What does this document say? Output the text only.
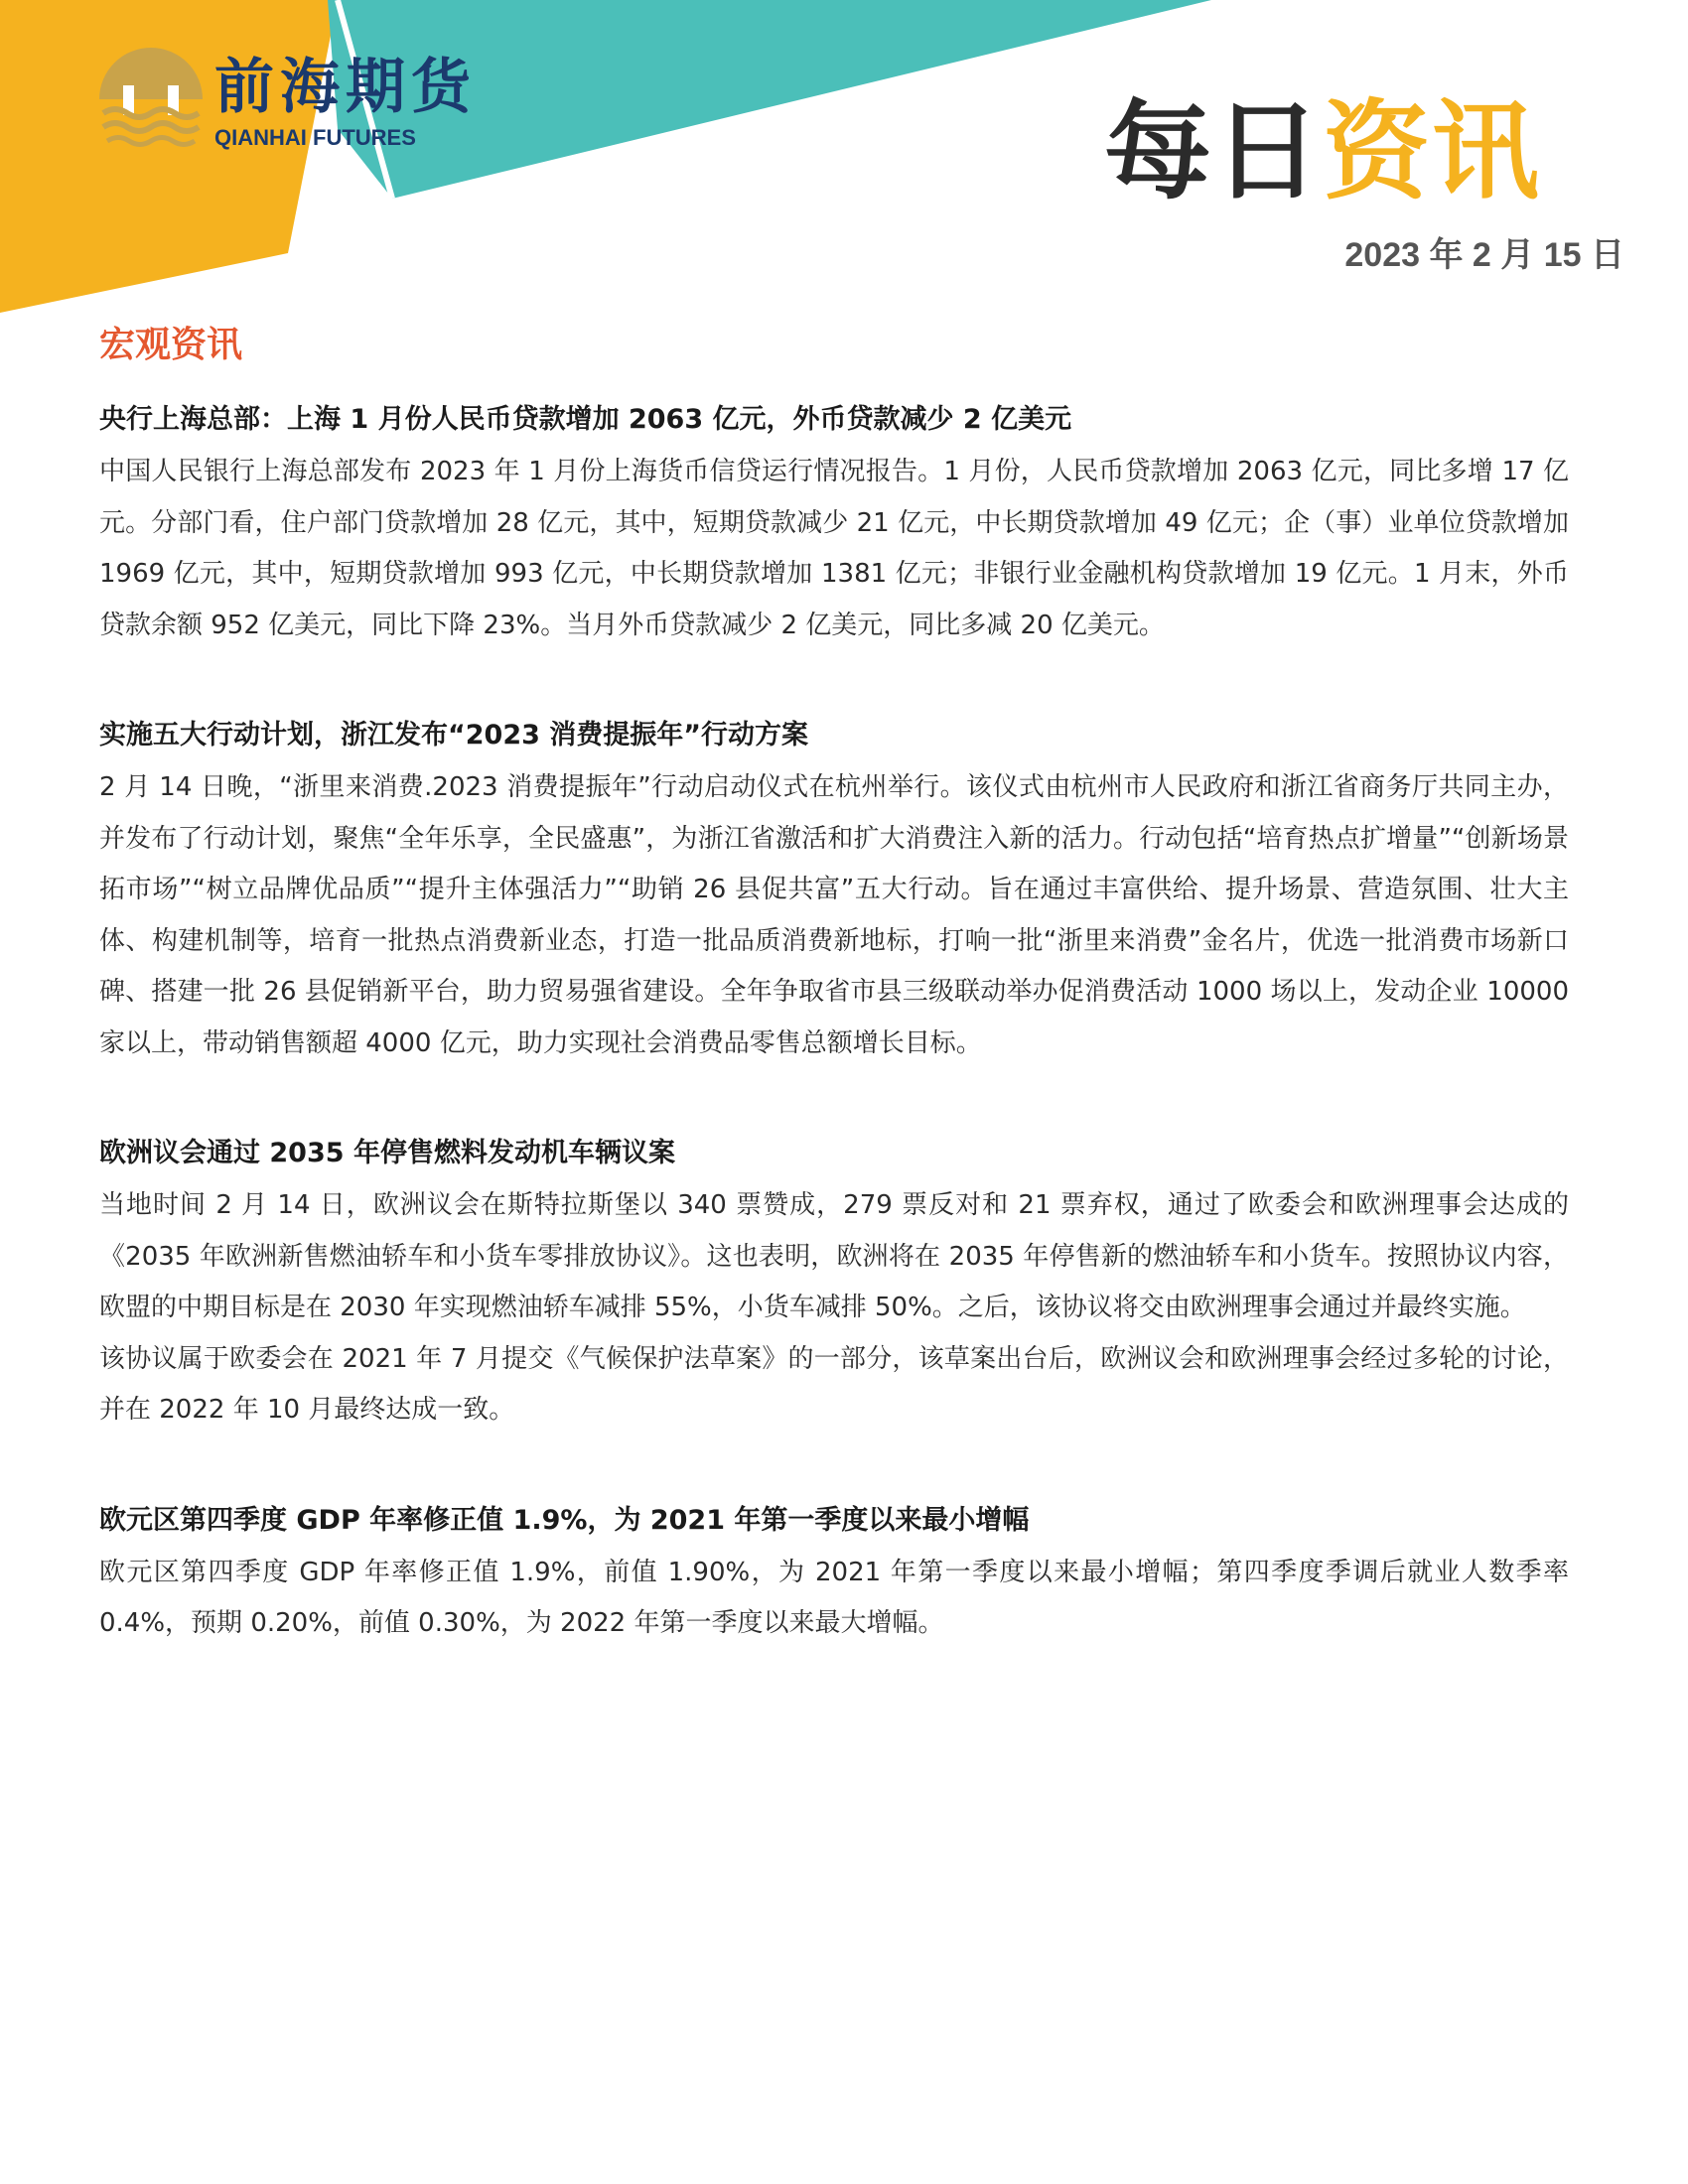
前海期货
QIANHAI FUTURES	每日资讯
2023 年 2 月 15 日
宏观资讯
央行上海总部：上海 1 月份人民币贷款增加 2063 亿元，外币贷款减少 2 亿美元

中国人民银行上海总部发布 2023 年 1 月份上海货币信贷运行情况报告。1 月份，人民币贷款增加 2063 亿元，同比多增 17 亿元。分部门看，住户部门贷款增加 28 亿元，其中，短期贷款减少 21 亿元，中长期贷款增加 49 亿元；企（事）业单位贷款增加 1969 亿元，其中，短期贷款增加 993 亿元，中长期贷款增加 1381 亿元；非银行业金融机构贷款增加 19 亿元。1 月末，外币贷款余额 952 亿美元，同比下降 23%。当月外币贷款减少 2 亿美元，同比多减 20 亿美元。

实施五大行动计划，浙江发布“2023 消费提振年”行动方案

2 月 14 日晚，“浙里来消费.2023 消费提振年”行动启动仪式在杭州举行。该仪式由杭州市人民政府和浙江省商务厅共同主办，并发布了行动计划，聚焦“全年乐享，全民盛惠”，为浙江省激活和扩大消费注入新的活力。行动包括“培育热点扩增量”“创新场景拓市场”“树立品牌优品质”“提升主体强活力”“助销 26 县促共富”五大行动。旨在通过丰富供给、提升场景、营造氛围、壮大主体、构建机制等，培育一批热点消费新业态，打造一批品质消费新地标，打响一批“浙里来消费”金名片，优选一批消费市场新口碑、搭建一批 26 县促销新平台，助力贸易强省建设。全年争取省市县三级联动举办促消费活动 1000 场以上，发动企业 10000 家以上，带动销售额超 4000 亿元，助力实现社会消费品零售总额增长目标。

欧洲议会通过 2035 年停售燃料发动机车辆议案

当地时间 2 月 14 日，欧洲议会在斯特拉斯堡以 340 票赞成，279 票反对和 21 票弃权，通过了欧委会和欧洲理事会达成的《2035 年欧洲新售燃油轿车和小货车零排放协议》。这也表明，欧洲将在 2035 年停售新的燃油轿车和小货车。按照协议内容，欧盟的中期目标是在 2030 年实现燃油轿车减排 55%，小货车减排 50%。之后，该协议将交由欧洲理事会通过并最终实施。

该协议属于欧委会在 2021 年 7 月提交《气候保护法草案》的一部分，该草案出台后，欧洲议会和欧洲理事会经过多轮的讨论，并在 2022 年 10 月最终达成一致。

欧元区第四季度 GDP 年率修正值 1.9%，为 2021 年第一季度以来最小增幅

欧元区第四季度 GDP 年率修正值 1.9%，前值 1.90%，为 2021 年第一季度以来最小增幅；第四季度季调后就业人数季率 0.4%，预期 0.20%，前值 0.30%，为 2022 年第一季度以来最大增幅。
